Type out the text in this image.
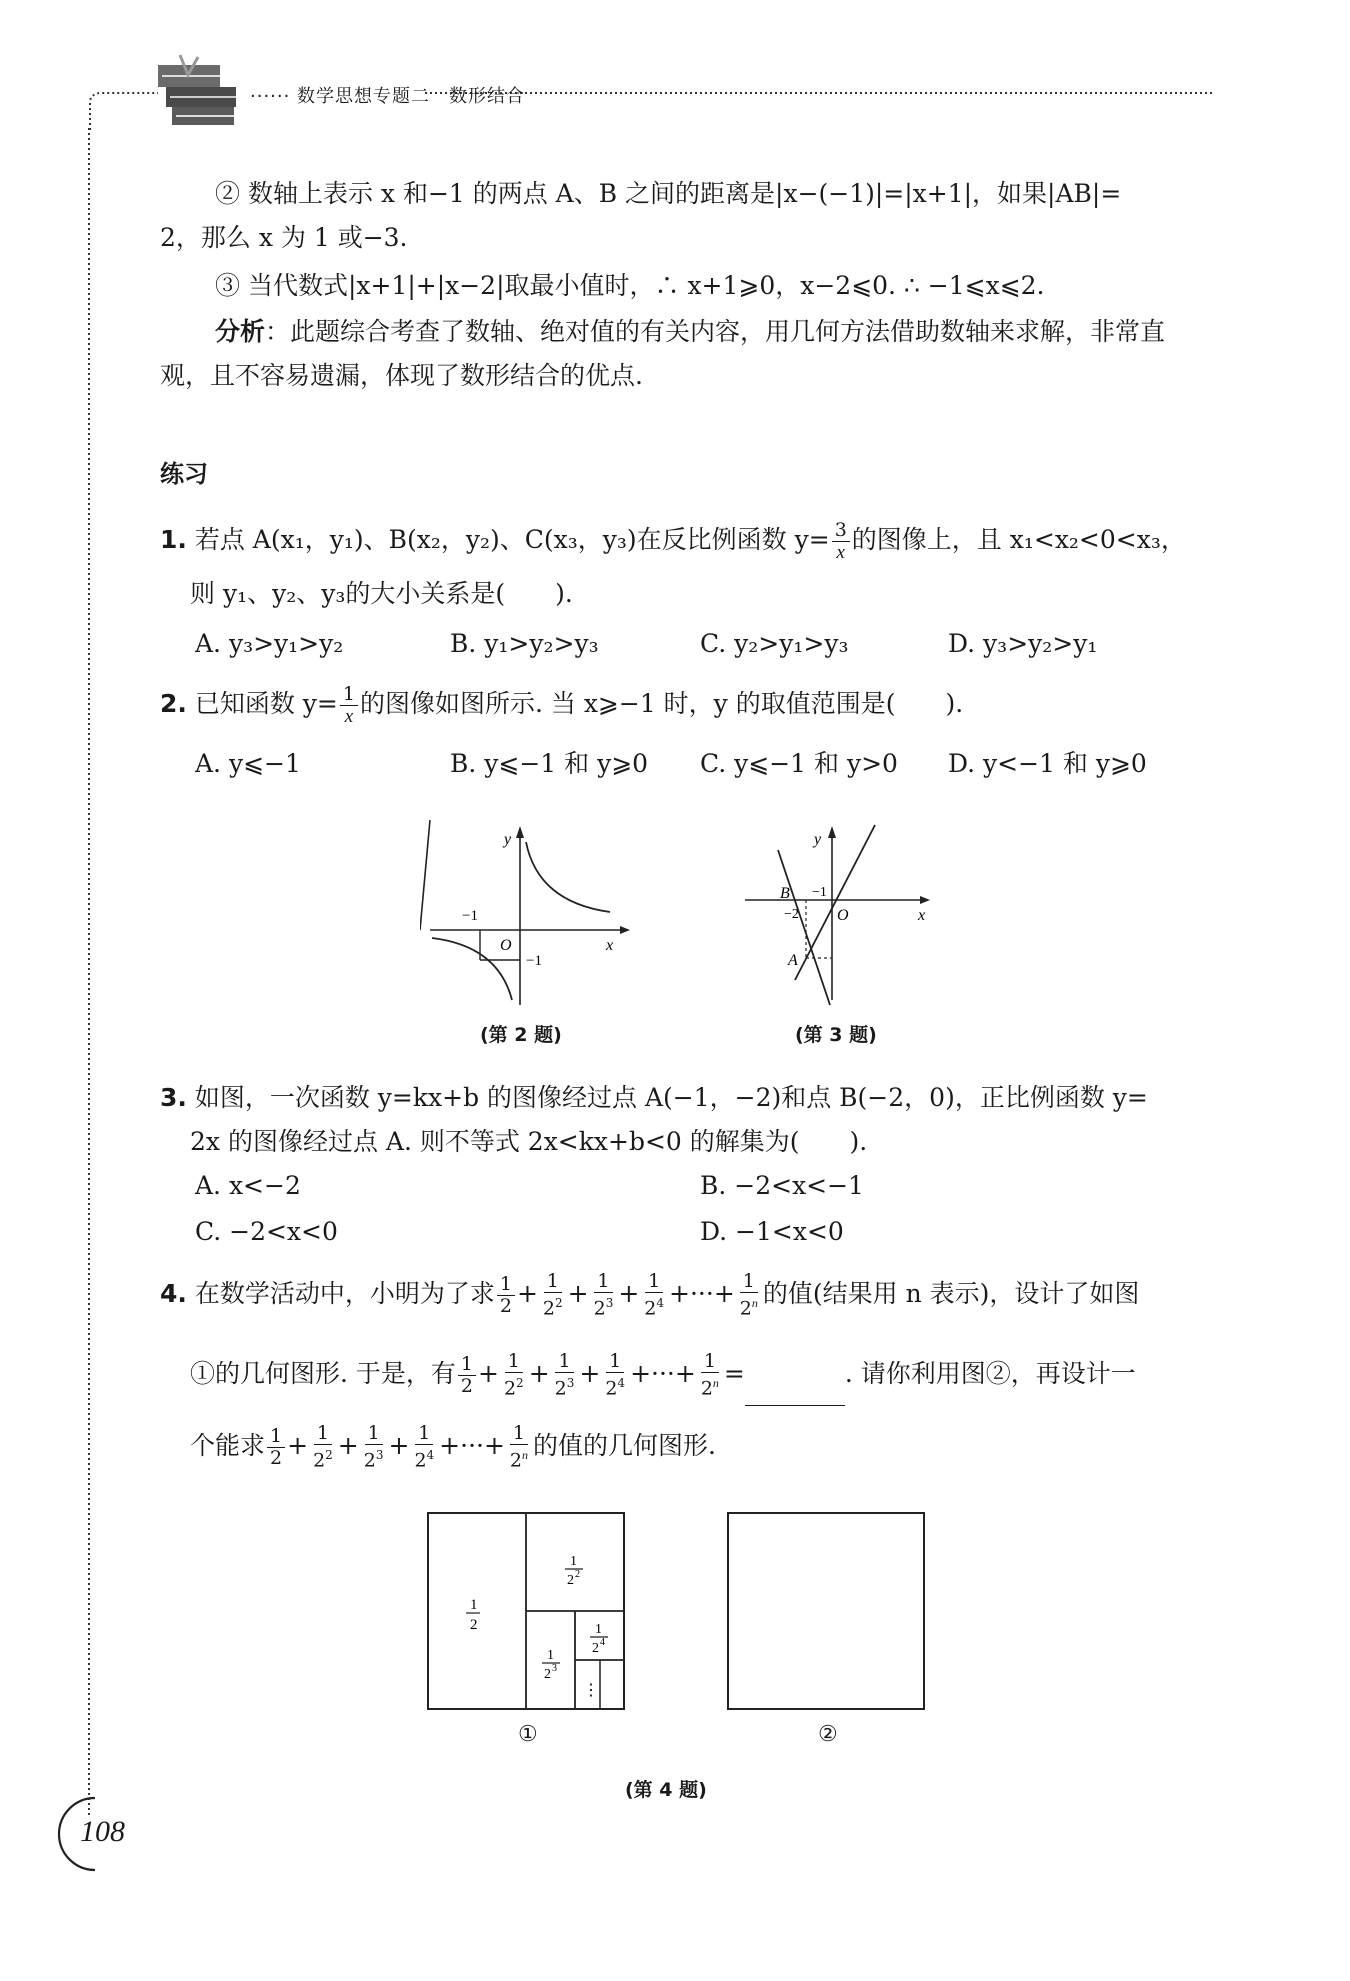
······ 数学思想专题二　数形结合
② 数轴上表示 x 和−1 的两点 A、B 之间的距离是|x−(−1)|=|x+1|，如果|AB|=
2，那么 x 为 1 或−3.
③ 当代数式|x+1|+|x−2|取最小值时，∴ x+1⩾0，x−2⩽0. ∴ −1⩽x⩽2.
分析：此题综合考查了数轴、绝对值的有关内容，用几何方法借助数轴来求解，非常直
观，且不容易遗漏，体现了数形结合的优点.
练习
1. 若点 A(x₁，y₁)、B(x₂，y₂)、C(x₃，y₃)在反比例函数 $y= \frac{3}{x}$ 的图像上，且 x₁<x₂<0<x₃，
则 y₁、y₂、y₃的大小关系是(　　).
A. y₃>y₁>y₂	B. y₁>y₂>y₃	C. y₂>y₁>y₃	D. y₃>y₂>y₁
2. 已知函数 $y= \frac{1}{x}$ 的图像如图所示. 当 x⩾−1 时，y 的取值范围是(　　).
A. y⩽−1	B. y⩽−1 和 y⩾0	C. y⩽−1 和 y>0	D. y<−1 和 y⩾0
y
x
O
−1
−1
(第 2 题)
y
x
O
B
A
−1
−2
(第 3 题)
3. 如图，一次函数 y=kx+b 的图像经过点 A(−1，−2)和点 B(−2，0)，正比例函数 y=
2x 的图像经过点 A. 则不等式 2x<kx+b<0 的解集为(　　).
A. x<−2	B. −2<x<−1
C. −2<x<0	D. −1<x<0
4. 在数学活动中，小明为了求 $\frac{1}{2} + \frac{1}{2^2} + \frac{1}{2^3} + \frac{1}{2^4}$ +···+ $\frac{1}{2^n}$ 的值(结果用 n 表示)，设计了如图
①的几何图形. 于是，有 $\frac{1}{2} + \frac{1}{2^2} + \frac{1}{2^3} + \frac{1}{2^4}$ +···+ $\frac{1}{2^n}$ =	. 请你利用图②，再设计一
个能求 $\frac{1}{2} + \frac{1}{2^2} + \frac{1}{2^3} + \frac{1}{2^4}$ +···+ $\frac{1}{2^n}$ 的值的几何图形.
1
2
1
2 2
1
2 3
1
2 4
⋮
①	②
(第 4 题)
108
